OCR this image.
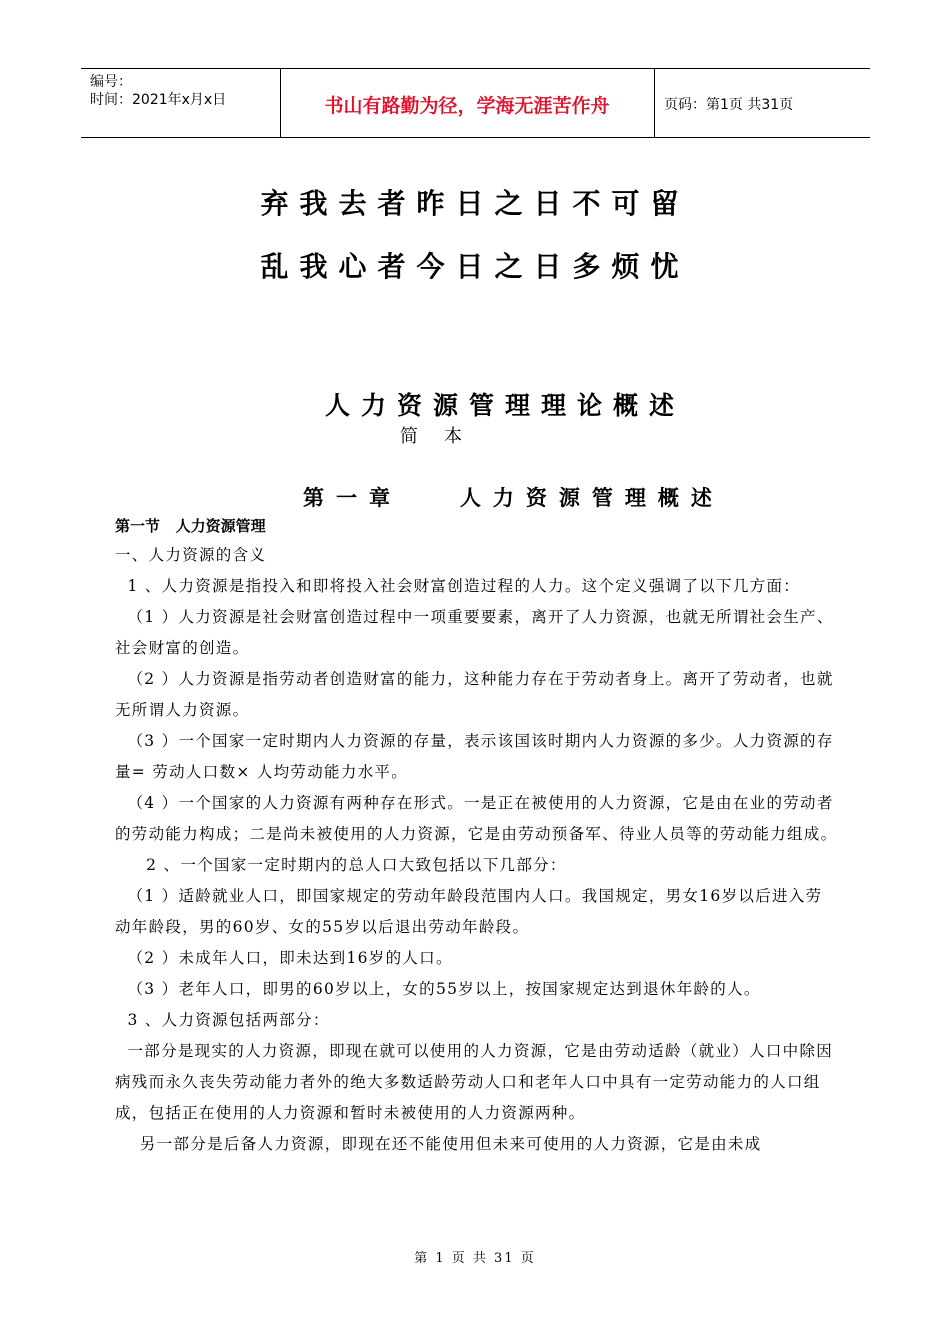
编号：
时间：2021年x月x日	书山有路勤为径，学海无涯苦作舟	页码：第1页 共31页
弃我去者昨日之日不可留
乱我心者今日之日多烦忧
人力资源管理理论概述
简本
第一章   人力资源管理概述
第一节   人力资源管理

一、人力资源的含义

1 、人力资源是指投入和即将投入社会财富创造过程的人力。这个定义强调了以下几方面：

（1 ）人力资源是社会财富创造过程中一项重要要素，离开了人力资源，也就无所谓社会生产、社会财富的创造。

（2 ）人力资源是指劳动者创造财富的能力，这种能力存在于劳动者身上。离开了劳动者，也就无所谓人力资源。

（3 ）一个国家一定时期内人力资源的存量，表示该国该时期内人力资源的多少。人力资源的存量= 劳动人口数× 人均劳动能力水平。

（4 ）一个国家的人力资源有两种存在形式。一是正在被使用的人力资源，它是由在业的劳动者的劳动能力构成；二是尚未被使用的人力资源，它是由劳动预备军、待业人员等的劳动能力组成。

2 、一个国家一定时期内的总人口大致包括以下几部分：

（1 ）适龄就业人口，即国家规定的劳动年龄段范围内人口。我国规定，男女16岁以后进入劳动年龄段，男的60岁、女的55岁以后退出劳动年龄段。

（2 ）未成年人口，即未达到16岁的人口。

（3 ）老年人口，即男的60岁以上，女的55岁以上，按国家规定达到退休年龄的人。

3 、人力资源包括两部分：

一部分是现实的人力资源，即现在就可以使用的人力资源，它是由劳动适龄（就业）人口中除因病残而永久丧失劳动能力者外的绝大多数适龄劳动人口和老年人口中具有一定劳动能力的人口组成，包括正在使用的人力资源和暂时未被使用的人力资源两种。

另一部分是后备人力资源，即现在还不能使用但未来可使用的人力资源，它是由未成

第 1 页 共 31 页
